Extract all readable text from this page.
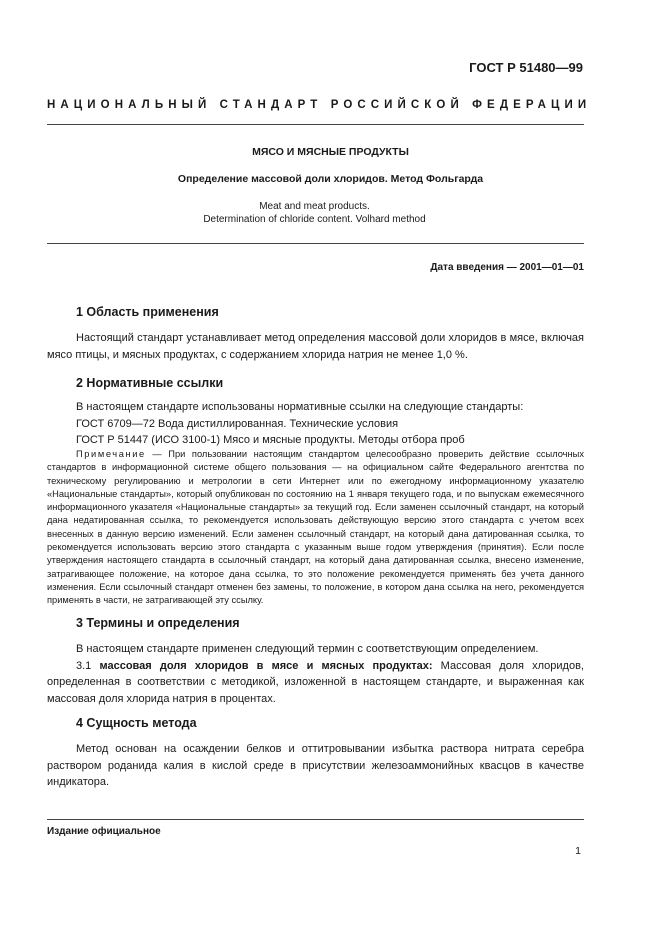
ГОСТ Р 51480—99
НАЦИОНАЛЬНЫЙ СТАНДАРТ РОССИЙСКОЙ ФЕДЕРАЦИИ
МЯСО И МЯСНЫЕ ПРОДУКТЫ
Определение массовой доли хлоридов. Метод Фольгарда
Meat and meat products.
Determination of chloride content. Volhard method
Дата введения — 2001—01—01
1 Область применения

Настоящий стандарт устанавливает метод определения массовой доли хлоридов в мясе, включая мясо птицы, и мясных продуктах, с содержанием хлорида натрия не менее 1,0 %.

2 Нормативные ссылки
В настоящем стандарте использованы нормативные ссылки на следующие стандарты:
ГОСТ 6709—72 Вода дистиллированная. Технические условия
ГОСТ Р 51447 (ИСО 3100-1) Мясо и мясные продукты. Методы отбора проб

Примечание — При пользовании настоящим стандартом целесообразно проверить действие ссылочных стандартов в информационной системе общего пользования — на официальном сайте Федерального агентства по техническому регулированию и метрологии в сети Интернет или по ежегодному информационному указателю «Национальные стандарты», который опубликован по состоянию на 1 января текущего года, и по выпускам ежемесячного информационного указателя «Национальные стандарты» за текущий год. Если заменен ссылочный стандарт, на который дана недатированная ссылка, то рекомендуется использовать действующую версию этого стандарта с учетом всех внесенных в данную версию изменений. Если заменен ссылочный стандарт, на который дана датированная ссылка, то рекомендуется использовать версию этого стандарта с указанным выше годом утверждения (принятия). Если после утверждения настоящего стандарта в ссылочный стандарт, на который дана датированная ссылка, внесено изменение, затрагивающее положение, на которое дана ссылка, то это положение рекомендуется применять без учета данного изменения. Если ссылочный стандарт отменен без замены, то положение, в котором дана ссылка на него, рекомендуется применять в части, не затрагивающей эту ссылку.

3 Термины и определения
В настоящем стандарте применен следующий термин с соответствующим определением.

3.1 массовая доля хлоридов в мясе и мясных продуктах: Массовая доля хлоридов, определенная в соответствии с методикой, изложенной в настоящем стандарте, и выраженная как массовая доля хлорида натрия в процентах.

4 Сущность метода

Метод основан на осаждении белков и оттитровывании избытка раствора нитрата серебра раствором роданида калия в кислой среде в присутствии железоаммонийных квасцов в качестве индикатора.

Издание официальное
1
